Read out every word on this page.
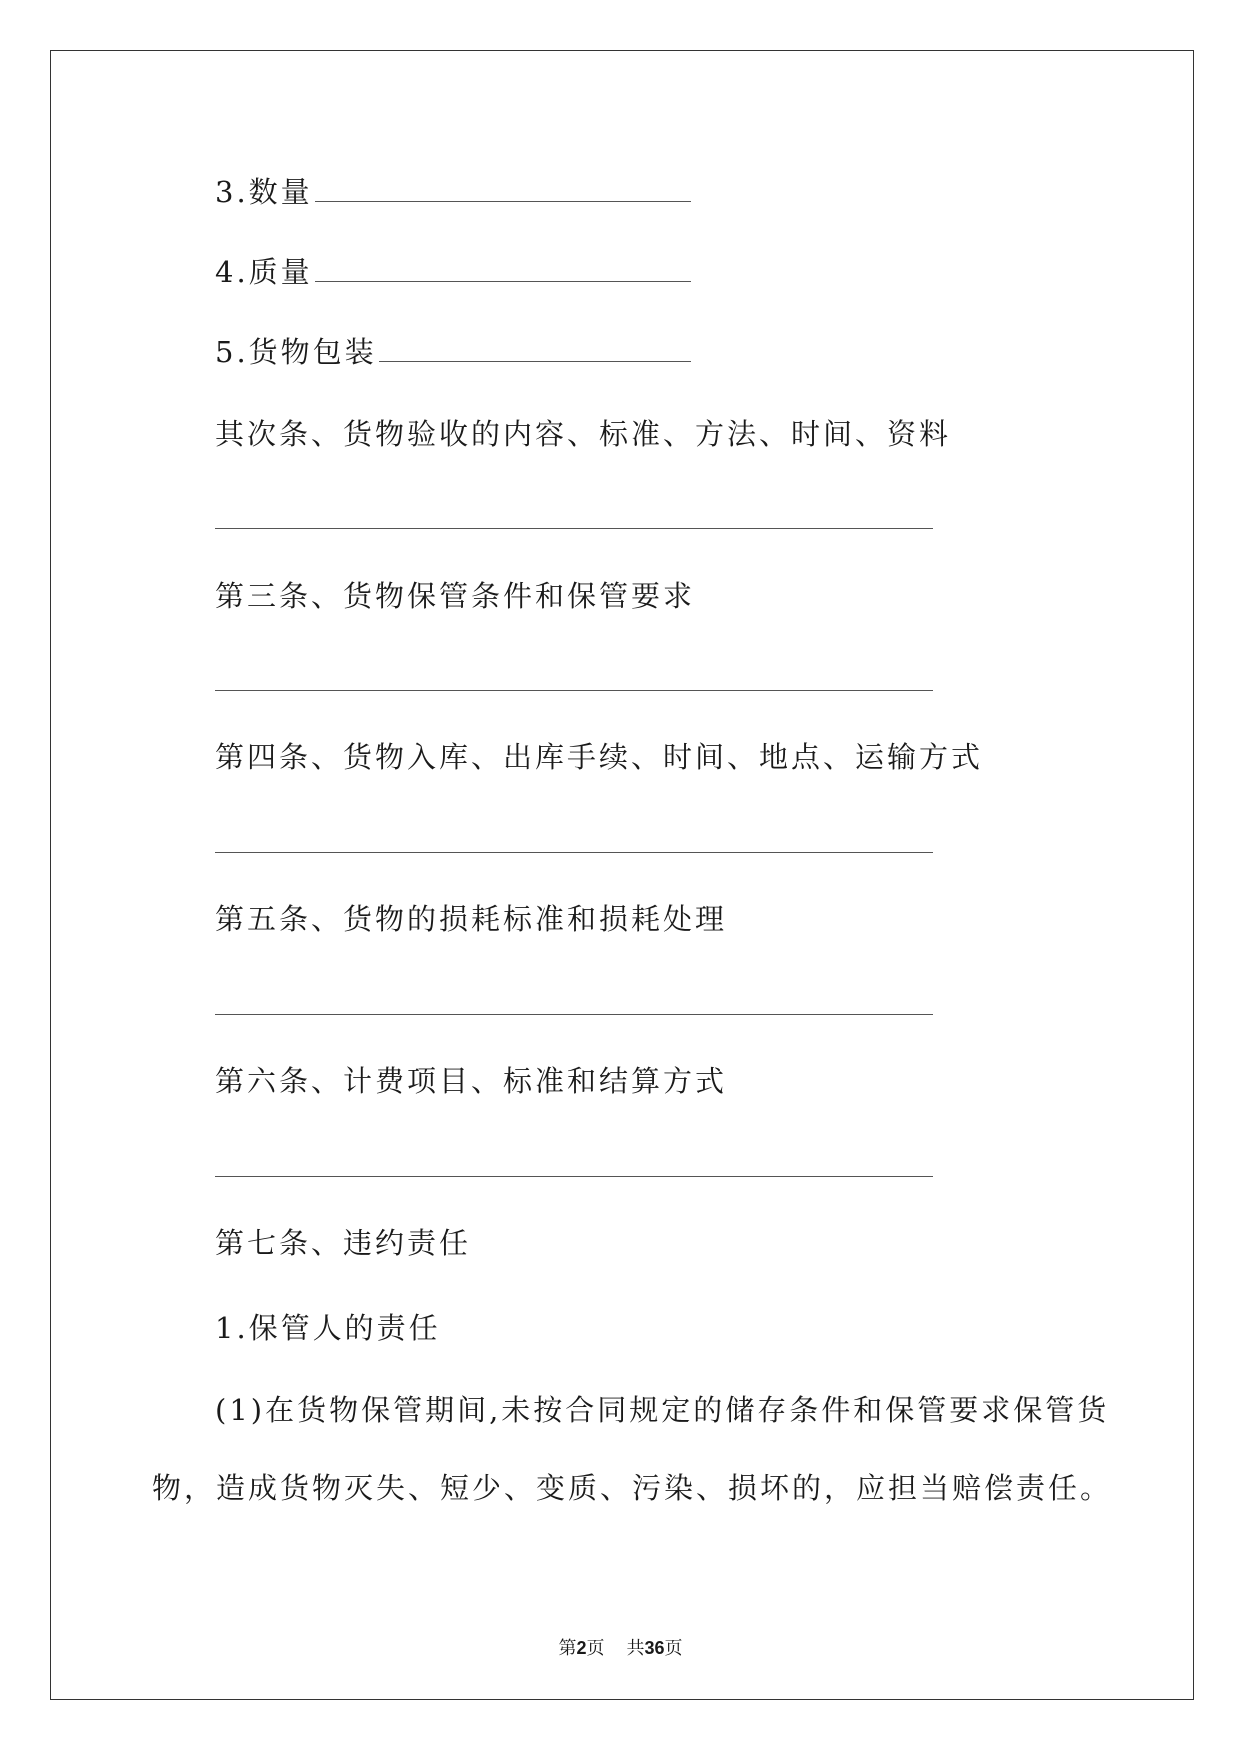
3.数量
4.质量
5.货物包装
其次条、货物验收的内容、标准、方法、时间、资料
第三条、货物保管条件和保管要求
第四条、货物入库、出库手续、时间、地点、运输方式
第五条、货物的损耗标准和损耗处理
第六条、计费项目、标准和结算方式
第七条、违约责任
1.保管人的责任
(1)在货物保管期间,未按合同规定的储存条件和保管要求保管货
物，造成货物灭失、短少、变质、污染、损坏的，应担当赔偿责任。
第2页 共36页
